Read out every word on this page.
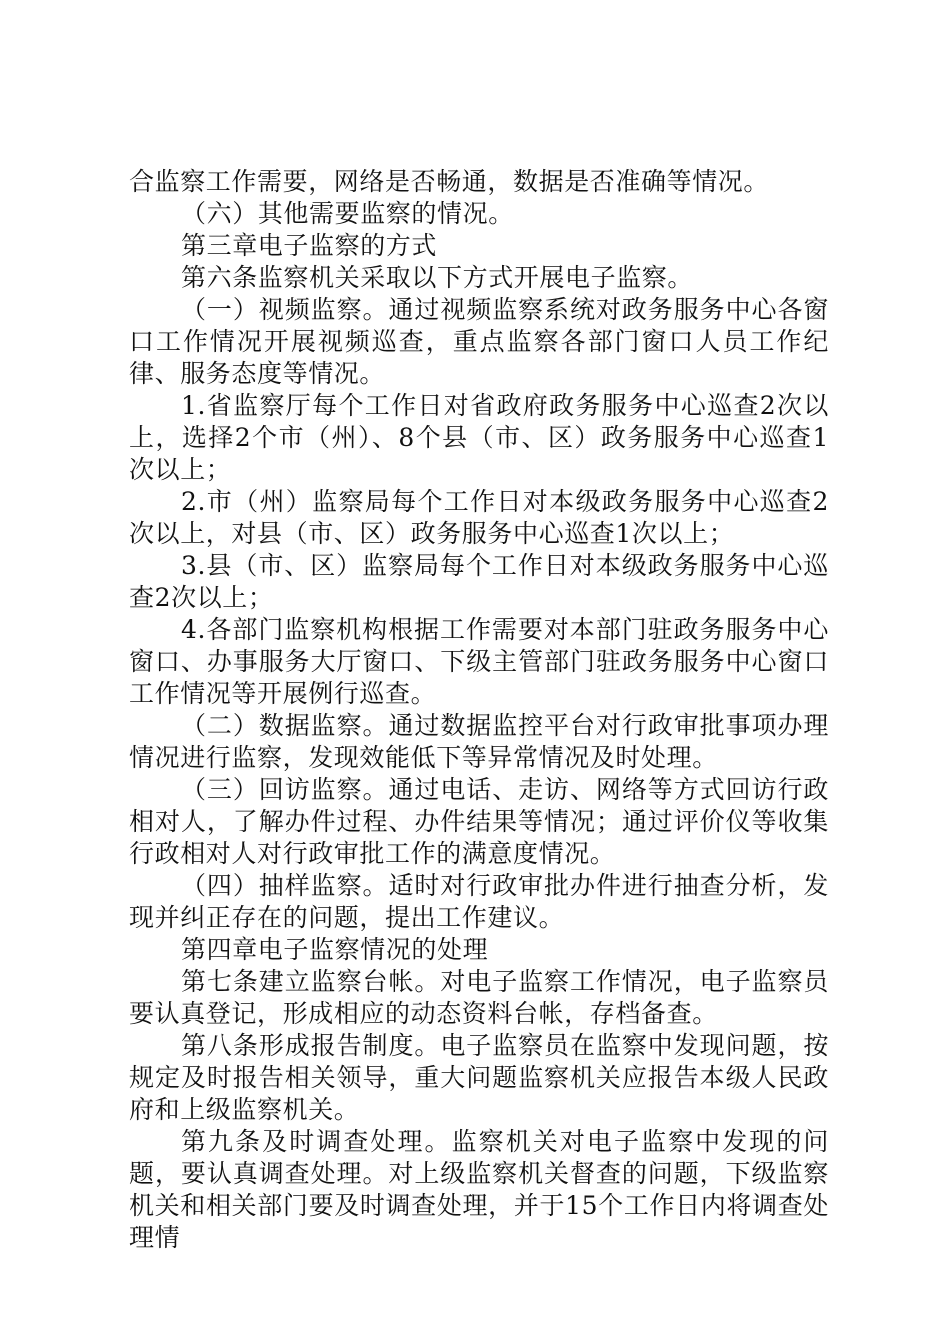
合监察工作需要，网络是否畅通，数据是否准确等情况。

（六）其他需要监察的情况。

第三章电子监察的方式

第六条监察机关采取以下方式开展电子监察。

（一）视频监察。通过视频监察系统对政务服务中心各窗口工作情况开展视频巡查，重点监察各部门窗口人员工作纪律、服务态度等情况。

1.省监察厅每个工作日对省政府政务服务中心巡查2次以上，选择2个市（州）、8个县（市、区）政务服务中心巡查1次以上；

2.市（州）监察局每个工作日对本级政务服务中心巡查2次以上，对县（市、区）政务服务中心巡查1次以上；

3.县（市、区）监察局每个工作日对本级政务服务中心巡查2次以上；

4.各部门监察机构根据工作需要对本部门驻政务服务中心窗口、办事服务大厅窗口、下级主管部门驻政务服务中心窗口工作情况等开展例行巡查。

（二）数据监察。通过数据监控平台对行政审批事项办理情况进行监察，发现效能低下等异常情况及时处理。

（三）回访监察。通过电话、走访、网络等方式回访行政相对人，了解办件过程、办件结果等情况；通过评价仪等收集行政相对人对行政审批工作的满意度情况。

（四）抽样监察。适时对行政审批办件进行抽查分析，发现并纠正存在的问题，提出工作建议。

第四章电子监察情况的处理

第七条建立监察台帐。对电子监察工作情况，电子监察员要认真登记，形成相应的动态资料台帐，存档备查。

第八条形成报告制度。电子监察员在监察中发现问题，按规定及时报告相关领导，重大问题监察机关应报告本级人民政府和上级监察机关。

第九条及时调查处理。监察机关对电子监察中发现的问题，要认真调查处理。对上级监察机关督查的问题，下级监察机关和相关部门要及时调查处理，并于15个工作日内将调查处理情
